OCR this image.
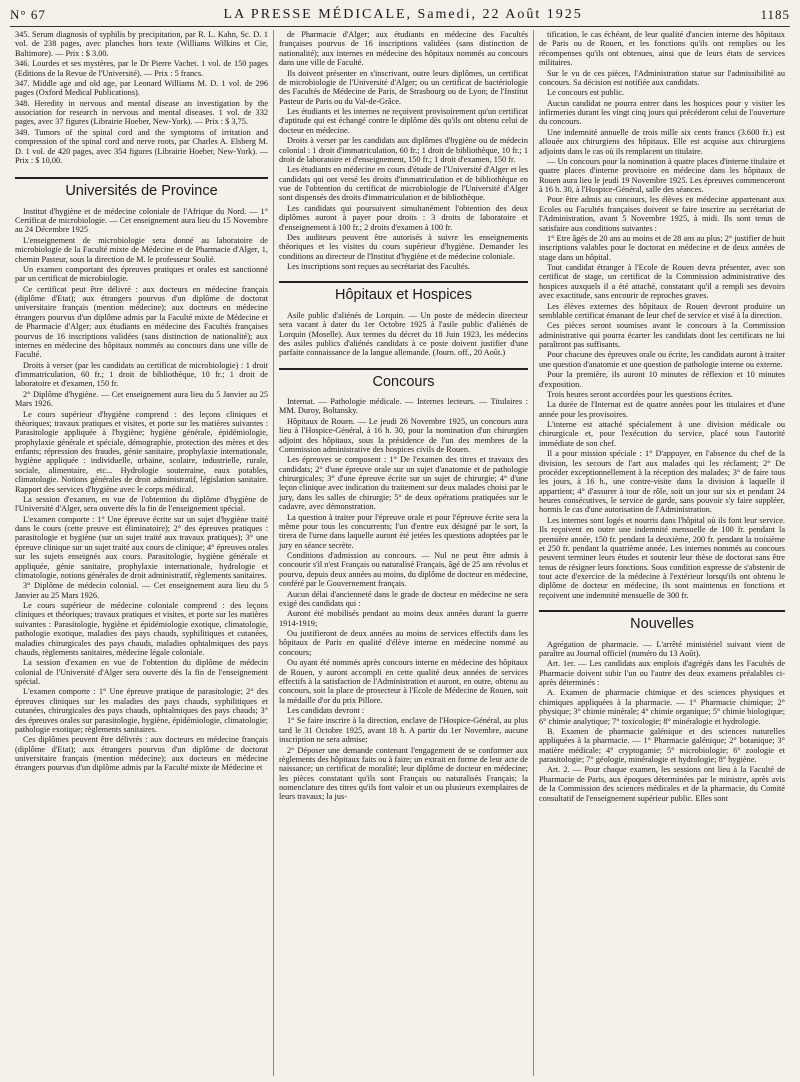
N° 67	LA PRESSE MÉDICALE, Samedi, 22 Août 1925	1185

345. Serum diagnosis of syphilis by precipitation, par R. L. Kahn, Sc. D. 1 vol. de 238 pages, avec planches hors texte (Williams Wilkins et Cie, Baltimore). — Prix : $ 3.00.

346. Lourdes et ses mystères, par le Dr Pierre Vachet. 1 vol. de 150 pages (Editions de la Revue de l'Université). — Prix : 5 francs.

347. Middle age and old age, par Leonard Williams M. D. 1 vol. de 296 pages (Oxford Medical Publications).

348. Heredity in nervous and mental disease an investigation by the association for research in nervous and mental diseases. 1 vol. de 332 pages, avec 37 figures (Librairie Hoeber, New-York). — Prix : $ 3,75.

349. Tumors of the spinal cord and the symptoms of irritation and compression of the spinal cord and nerve roots, par Charles A. Elsberg M. D. 1 vol. de 420 pages, avec 354 figures (Librairie Hoeber, New-York). — Prix : $ 10,00.

Universités de Province

Institut d'hygiène et de médecine coloniale de l'Afrique du Nord. — 1° Certificat de microbiologie. — Cet enseignement aura lieu du 15 Novembre au 24 Décembre 1925

L'enseignement de microbiologie sera donné au laboratoire de microbiologie de la Faculté mixte de Médecine et de Pharmacie d'Alger, 1, chemin Pasteur, sous la direction de M. le professeur Soulié.

Un examen comportant des épreuves pratiques et orales est sanctionné par un certificat de microbiologie.

Ce certificat peut être délivré : aux docteurs en médecine français (diplôme d'Etat); aux étrangers pourvus d'un diplôme de doctorat universitaire français (mention médecine); aux docteurs en médecine étrangers pourvus d'un diplôme admis par la Faculté mixte de Médecine et de Pharmacie d'Alger; aux étudiants en médecine des Facultés françaises pourvus de 16 inscriptions validées (sans distinction de nationalité); aux internes en médecine des hôpitaux nommés au concours dans une ville de Faculté.

Droits à verser (par les candidats au certificat de microbiologie) : 1 droit d'immatriculation, 60 fr.; 1 droit de bibliothèque, 10 fr.; 1 droit de laboratoire et d'examen, 150 fr.

2° Diplôme d'hygiène. — Cet enseignement aura lieu du 5 Janvier au 25 Mars 1926.

Le cours supérieur d'hygiène comprend : des leçons cliniques et théoriques; travaux pratiques et visites, et porte sur les matières suivantes : Parasitologie appliquée à l'hygiène; hygiène générale, épidémiologie, prophylaxie générale et spéciale, démographie, protection des mères et des enfants; répression des fraudes, génie sanitaire, prophylaxie internationale, hygiène appliquée : individuelle, urbaine, scolaire, industrielle, rurale, sociale, alimentaire, etc... Hydrologie souterraine, eaux potables, climatologie. Notions générales de droit administratif, législation sanitaire. Rapport des services d'hygiène avec le corps médical.

La session d'examen, en vue de l'obtention du diplôme d'hygiène de l'Université d'Alger, sera ouverte dès la fin de l'enseignement spécial.

L'examen comporte : 1° Une épreuve écrite sur un sujet d'hygiène traité dans le cours (cette preuve est éliminatoire); 2° des épreuves pratiques : parasitologie et hygiène (sur un sujet traité aux travaux pratiques); 3° une épreuve clinique sur un sujet traité aux cours de clinique; 4° épreuves orales sur les sujets enseignés aux cours. Parasitologie, hygiène générale et appliquée, génie sanitaire, prophylaxie internationale, hydrologie et climatologie, notions générales de droit administratif, règlements sanitaires.

3° Diplôme de médecin colonial. — Cet enseignement aura lieu du 5 Janvier au 25 Mars 1926.

Le cours supérieur de médecine coloniale comprend : des leçons cliniques et théoriques; travaux pratiques et visites, et porte sur les matières suivantes : Parasitologie, hygiène et épidémiologie exotique, climatologie, pathologie exotique, maladies des pays chauds, syphilitiques et cutanées, maladies chirurgicales des pays chauds, maladies ophtalmiques des pays chauds, règlements sanitaires, médecine légale coloniale.

La session d'examen en vue de l'obtention du diplôme de médecin colonial de l'Université d'Alger sera ouverte dès la fin de l'enseignement spécial.

L'examen comporte : 1° Une épreuve pratique de parasitologie; 2° des épreuves cliniques sur les maladies des pays chauds, syphilitiques et cutanées, chirurgicales des pays chauds, ophtalmiques des pays chauds; 3° des épreuves orales sur parasitologie, hygiène, épidémiologie, climatologie; pathologie exotique; règlements sanitaires.

Ces diplômes peuvent être délivrés : aux docteurs en médecine français (diplôme d'Etat); aux étrangers pourvus d'un diplôme de doctorat universitaire français (mention médecine); aux docteurs en médecine étrangers pourvus d'un diplôme admis par la Faculté mixte de Médecine et

de Pharmacie d'Alger; aux étudiants en médecine des Facultés françaises pourvus de 16 inscriptions validées (sans distinction de nationalité); aux internes en médecine des hôpitaux nommés au concours dans une ville de Faculté.

Ils doivent présenter en s'inscrivant, outre leurs diplômes, un certificat de microbiologie de l'Université d'Alger; ou un certificat de bactériologie des Facultés de Médecine de Paris, de Strasbourg ou de Lyon; de l'Institut Pasteur de Paris ou du Val-de-Grâce.

Les étudiants et les internes ne reçoivent provisoirement qu'un certificat d'aptitude qui est échangé contre le diplôme dès qu'ils ont obtenu celui de docteur en médecine.

Droits à verser par les candidats aux diplômes d'hygiène ou de médecin colonial : 1 droit d'immatriculation, 60 fr.; 1 droit de bibliothèque, 10 fr.; 1 droit de laboratoire et d'enseignement, 150 fr.; 1 droit d'examen, 150 fr.

Les étudiants en médecine en cours d'étude de l'Université d'Alger et les candidats qui ont versé les droits d'immatriculation et de bibliothèque en vue de l'obtention du certificat de microbiologie de l'Université d'Alger sont dispensés des droits d'immatriculation et de bibliothèque.

Les candidats qui poursuivent simultanément l'obtention des deux diplômes auront à payer pour droits : 3 droits de laboratoire et d'enseignement à 100 fr.; 2 droits d'examen à 100 fr.

Des auditeurs peuvent être autorisés à suivre les enseignements théoriques et les visites du cours supérieur d'hygiène. Demander les conditions au directeur de l'Institut d'hygiène et de médecine coloniale.

Les inscriptions sont reçues au secrétariat des Facultés.

Hôpitaux et Hospices

Asile public d'aliénés de Lorquin. — Un poste de médecin directeur sera vacant à dater du 1er Octobre 1925 à l'asile public d'aliénés de Lorquin (Moselle). Aux termes du décret du 18 Juin 1923, les médecins des asiles publics d'aliénés candidats à ce poste doivent justifier d'une parfaite connaissance de la langue allemande. (Journ. off., 20 Août.)

Concours

Internat. — Pathologie médicale. — Internes lecteurs. — Titulaires : MM. Duroy, Boltansky.

Hôpitaux de Rouen. — Le jeudi 26 Novembre 1925, un concours aura lieu à l'Hospice-Général, à 16 h. 30, pour la nomination d'un chirurgien adjoint des hôpitaux, sous la présidence de l'un des membres de la Commission administrative des hospices civils de Rouen.

Les épreuves se composent : 1° De l'examen des titres et travaux des candidats; 2° d'une épreuve orale sur un sujet d'anatomie et de pathologie chirurgicales; 3° d'une épreuve écrite sur un sujet de chirurgie; 4° d'une leçon clinique avec indication du traitement sur deux malades choisi par le jury, dans les salles de chirurgie; 5° de deux opérations pratiquées sur le cadavre, avec démonstration.

La question à traiter pour l'épreuve orale et pour l'épreuve écrite sera la même pour tous les concurrents; l'un d'entre eux désigné par le sort, la tirera de l'urne dans laquelle auront été jetées les questions adoptées par le jury en séance secrète.

Conditions d'admission au concours. — Nul ne peut être admis à concourir s'il n'est Français ou naturalisé Français, âgé de 25 ans révolus et pourvu, depuis deux années au moins, du diplôme de docteur en médecine, conféré par le Gouvernement français.

Aucun délai d'ancienneté dans le grade de docteur en médecine ne sera exigé des candidats qui :

Auront été mobilisés pendant au moins deux années durant la guerre 1914-1919;

Ou justifieront de deux années au moins de services effectifs dans les hôpitaux de Paris en qualité d'élève interne en médecine nommé au concours;

Ou ayant été nommés après concours interne en médecine des hôpitaux de Rouen, y auront accompli en cette qualité deux années de services effectifs à la satisfaction de l'Administration et auront, en outre, obtenu au concours, soit la place de prosecteur à l'Ecole de Médecine de Rouen, soit la médaille d'or du prix Pillore.

Les candidats devront :

1° Se faire inscrire à la direction, enclave de l'Hospice-Général, au plus tard le 31 Octobre 1925, avant 18 h. A partir du 1er Novembre, aucune inscription ne sera admise;

2° Déposer une demande contenant l'engagement de se conformer aux règlements des hôpitaux faits ou à faire; un extrait en forme de leur acte de naissance; un certificat de moralité; leur diplôme de docteur en médecine; les pièces constatant qu'ils sont Français ou naturalisés Français; la nomenclature des titres qu'ils font valoir et un ou plusieurs exemplaires de leurs travaux; la jus-

tification, le cas échéant, de leur qualité d'ancien interne des hôpitaux de Paris ou de Rouen, et les fonctions qu'ils ont remplies ou les récompenses qu'ils ont obtenues, ainsi que de leurs états de services militaires.

Sur le vu de ces pièces, l'Administration statue sur l'admissibilité au concours. Sa décision est notifiée aux candidats.

Le concours est public.

Aucun candidat ne pourra entrer dans les hospices pour y visiter les infirmeries durant les vingt cinq jours qui précéderont celui de l'ouverture du concours.

Une indemnité annuelle de trois mille six cents francs (3.600 fr.) est allouée aux chirurgiens des hôpitaux. Elle est acquise aux chirurgiens adjoints dans le cas où ils remplacent un titulaire.

— Un concours pour la nomination à quatre places d'interne titulaire et quatre places d'interne provisoire en médecine dans les hôpitaux de Rouen aura lieu le jeudi 19 Novembre 1925. Les épreuves commenceront à 16 h. 30, à l'Hospice-Général, salle des séances.

Pour être admis au concours, les élèves en médecine appartenant aux Ecoles ou Facultés françaises doivent se faire inscrire au secrétariat de l'Administration, avant 5 Novembre 1925, à midi. Ils sont tenus de satisfaire aux conditions suivantes :

1° Etre âgés de 20 ans au moins et de 28 ans au plus; 2° justifier de huit inscriptions valables pour le doctorat en médecine et de deux années de stage dans un hôpital.

Tout candidat étranger à l'Ecole de Rouen devra présenter, avec son certificat de stage, un certificat de la Commission administrative des hospices auxquels il a été attaché, constatant qu'il a rempli ses devoirs avec exactitude, sans encourir de reproches graves.

Les élèves externes des hôpitaux de Rouen devront produire un semblable certificat émanant de leur chef de service et visé à la direction.

Ces pièces seront soumises avant le concours à la Commission administrative qui pourra écarter les candidats dont les certificats ne lui paraîtront pas suffisants.

Pour chacune des épreuves orale ou écrite, les candidats auront à traiter une question d'anatomie et une question de pathologie interne ou externe.

Pour la première, ils auront 10 minutes de réflexion et 10 minutes d'exposition.

Trois heures seront accordées pour les questions écrites.

La durée de l'Internat est de quatre années pour les titulaires et d'une année pour les provisoires.

L'interne est attaché spécialement à une division médicale ou chirurgicale et, pour l'exécution du service, placé sous l'autorité immédiate de son chef.

Il a pour mission spéciale : 1° D'appuyer, en l'absence du chef de la division, les secours de l'art aux malades qui les réclament; 2° De procéder exceptionnellement à la réception des malades; 3° de faire tous les jours, à 16 h., une contre-visite dans la division à laquelle il appartient; 4° d'assurer à tour de rôle, soit un jour sur six et pendant 24 heures consécutives, le service de garde, sans pouvoir s'y faire suppléer, hormis le cas d'une autorisation de l'Administration.

Les internes sont logés et nourris dans l'hôpital où ils font leur service. Ils reçoivent en outre une indemnité mensuelle de 100 fr. pendant la première année, 150 fr. pendant la deuxième, 200 fr. pendant la troisième et 250 fr. pendant la quatrième année. Les internes nommés au concours peuvent terminer leurs études et soutenir leur thèse de doctorat sans être tenus de résigner leurs fonctions. Sous condition expresse de s'abstenir de tout acte d'exercice de la médecine à l'extérieur lorsqu'ils ont obtenu le diplôme de docteur en médecine, ils sont maintenus en fonctions et reçoivent une indemnité mensuelle de 300 fr.

Nouvelles

Agrégation de pharmacie. — L'arrêté ministériel suivant vient de paraître au Journal officiel (numéro du 13 Août).

Art. 1er. — Les candidats aux emplois d'agrégés dans les Facultés de Pharmacie doivent subir l'un ou l'autre des deux examens préalables ci-après déterminés :

A. Examen de pharmacie chimique et des sciences physiques et chimiques appliquées à la pharmacie. — 1° Pharmacie chimique; 2° physique; 3° chimie minérale; 4° chimie organique; 5° chimie biologique; 6° chimie analytique; 7° toxicologie; 8° minéralogie et hydrologie.

B. Examen de pharmacie galénique et des sciences naturelles appliquées à la pharmacie. — 1° Pharmacie galénique; 2° botanique; 3° matière médicale; 4° cryptogamie; 5° microbiologie; 6° zoologie et parasitologie; 7° géologie, minéralogie et hydrologie; 8° hygiène.

Art. 2. — Pour chaque examen, les sessions ont lieu à la Faculté de Pharmacie de Paris, aux époques déterminées par le ministre, après avis de la Commission des sciences médicales et de la pharmacie, du Comité consultatif de l'enseignement supérieur public. Elles sont
